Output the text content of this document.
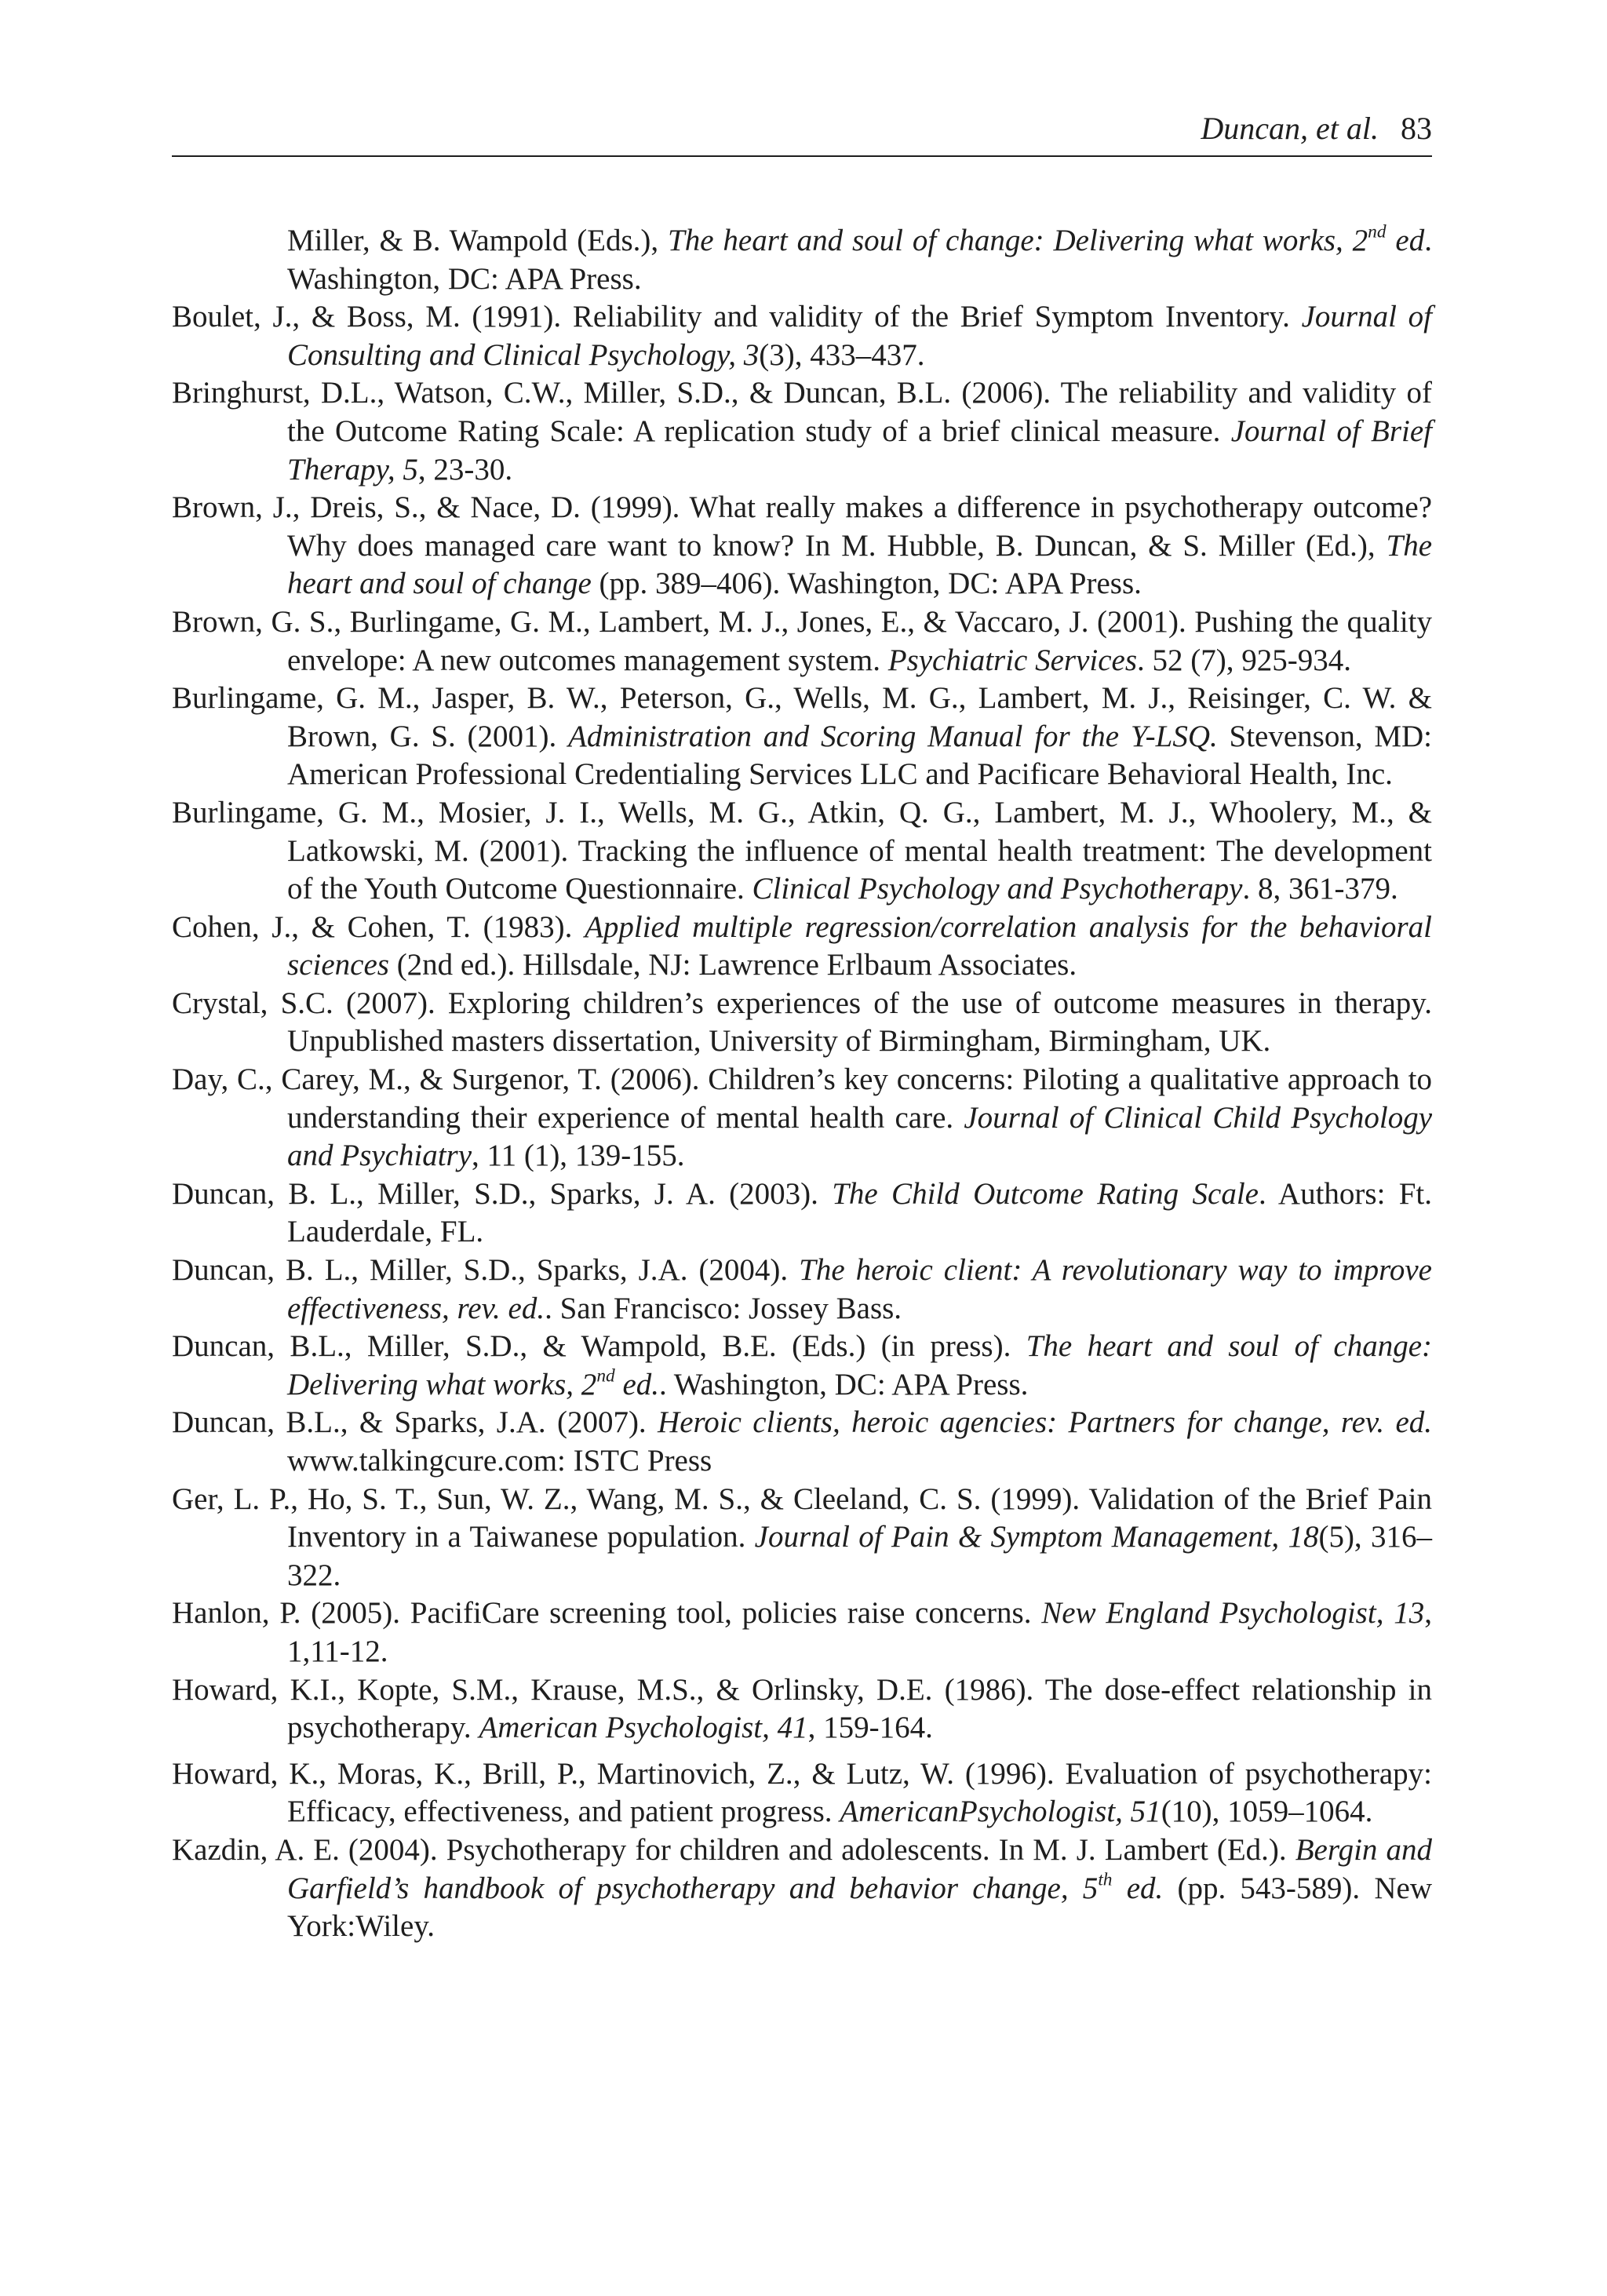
Duncan, et al. 83

Miller, & B. Wampold (Eds.), The heart and soul of change: Delivering what works, 2nd ed. Washington, DC: APA Press.

Boulet, J., & Boss, M. (1991). Reliability and validity of the Brief Symptom Inventory. Journal of Consulting and Clinical Psychology, 3(3), 433–437.

Bringhurst, D.L., Watson, C.W., Miller, S.D., & Duncan, B.L. (2006). The reliability and validity of the Outcome Rating Scale: A replication study of a brief clinical measure. Journal of Brief Therapy, 5, 23-30.

Brown, J., Dreis, S., & Nace, D. (1999). What really makes a difference in psychotherapy outcome? Why does managed care want to know? In M. Hubble, B. Duncan, & S. Miller (Ed.), The heart and soul of change (pp. 389–406). Washington, DC: APA Press.

Brown, G. S., Burlingame, G. M., Lambert, M. J., Jones, E., & Vaccaro, J. (2001). Pushing the quality envelope: A new outcomes management system. Psychiatric Services. 52 (7), 925-934.

Burlingame, G. M., Jasper, B. W., Peterson, G., Wells, M. G., Lambert, M. J., Reisinger, C. W. & Brown, G. S. (2001). Administration and Scoring Manual for the Y-LSQ. Stevenson, MD: American Professional Credentialing Services LLC and Pacificare Behavioral Health, Inc.

Burlingame, G. M., Mosier, J. I., Wells, M. G., Atkin, Q. G., Lambert, M. J., Whoolery, M., & Latkowski, M. (2001). Tracking the influence of mental health treatment: The development of the Youth Outcome Questionnaire. Clinical Psychology and Psychotherapy. 8, 361-379.

Cohen, J., & Cohen, T. (1983). Applied multiple regression/correlation analysis for the behavioral sciences (2nd ed.). Hillsdale, NJ: Lawrence Erlbaum Associates.

Crystal, S.C. (2007). Exploring children’s experiences of the use of outcome measures in therapy. Unpublished masters dissertation, University of Birmingham, Birmingham, UK.

Day, C., Carey, M., & Surgenor, T. (2006). Children’s key concerns: Piloting a qualitative approach to understanding their experience of mental health care. Journal of Clinical Child Psychology and Psychiatry, 11 (1), 139-155.

Duncan, B. L., Miller, S.D., Sparks, J. A. (2003). The Child Outcome Rating Scale. Authors: Ft. Lauderdale, FL.

Duncan, B. L., Miller, S.D., Sparks, J.A. (2004). The heroic client: A revolutionary way to improve effectiveness, rev. ed.. San Francisco: Jossey Bass.

Duncan, B.L., Miller, S.D., & Wampold, B.E. (Eds.) (in press). The heart and soul of change: Delivering what works, 2nd ed.. Washington, DC: APA Press.

Duncan, B.L., & Sparks, J.A. (2007). Heroic clients, heroic agencies: Partners for change, rev. ed. www.talkingcure.com: ISTC Press

Ger, L. P., Ho, S. T., Sun, W. Z., Wang, M. S., & Cleeland, C. S. (1999). Validation of the Brief Pain Inventory in a Taiwanese population. Journal of Pain & Symptom Management, 18(5), 316–322.

Hanlon, P. (2005). PacifiCare screening tool, policies raise concerns. New England Psychologist, 13, 1,11-12.

Howard, K.I., Kopte, S.M., Krause, M.S., & Orlinsky, D.E. (1986). The dose-effect relationship in psychotherapy. American Psychologist, 41, 159-164.

Howard, K., Moras, K., Brill, P., Martinovich, Z., & Lutz, W. (1996). Evaluation of psychotherapy: Efficacy, effectiveness, and patient progress. AmericanPsychologist, 51(10), 1059–1064.

Kazdin, A. E. (2004). Psychotherapy for children and adolescents. In M. J. Lambert (Ed.). Bergin and Garfield’s handbook of psychotherapy and behavior change, 5th ed. (pp. 543-589). New York:Wiley.
